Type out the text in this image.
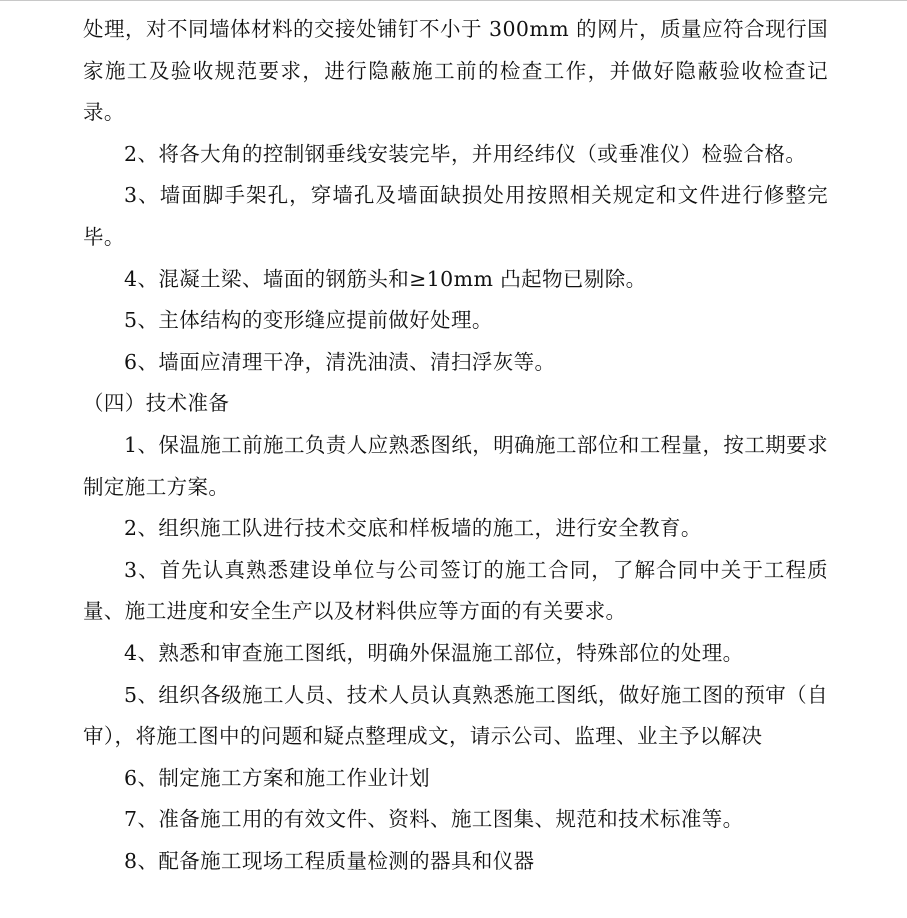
处理，对不同墙体材料的交接处铺钉不小于 300mm 的网片，质量应符合现行国家施工及验收规范要求，进行隐蔽施工前的检查工作，并做好隐蔽验收检查记录。

2、将各大角的控制钢垂线安装完毕，并用经纬仪（或垂准仪）检验合格。

3、墙面脚手架孔，穿墙孔及墙面缺损处用按照相关规定和文件进行修整完毕。

4、混凝土梁、墙面的钢筋头和≥10mm 凸起物已剔除。

5、主体结构的变形缝应提前做好处理。

6、墙面应清理干净，清洗油渍、清扫浮灰等。

（四）技术准备

1、保温施工前施工负责人应熟悉图纸，明确施工部位和工程量，按工期要求制定施工方案。

2、组织施工队进行技术交底和样板墙的施工，进行安全教育。

3、首先认真熟悉建设单位与公司签订的施工合同，了解合同中关于工程质量、施工进度和安全生产以及材料供应等方面的有关要求。

4、熟悉和审查施工图纸，明确外保温施工部位，特殊部位的处理。

5、组织各级施工人员、技术人员认真熟悉施工图纸，做好施工图的预审（自审），将施工图中的问题和疑点整理成文，请示公司、监理、业主予以解决

6、制定施工方案和施工作业计划

7、准备施工用的有效文件、资料、施工图集、规范和技术标准等。

8、配备施工现场工程质量检测的器具和仪器
